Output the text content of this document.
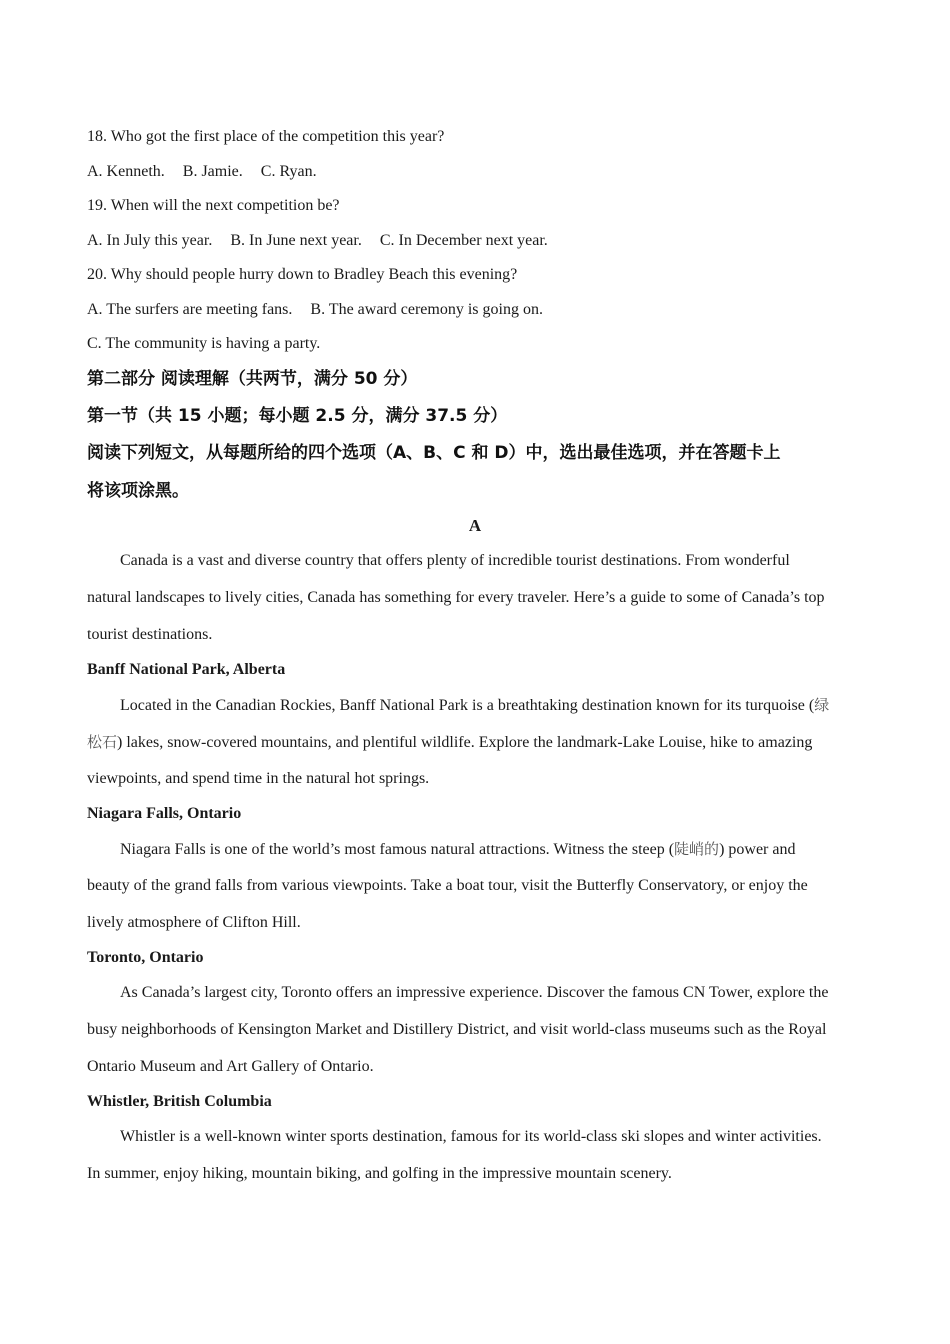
18. Who got the first place of the competition this year?
A. Kenneth. B. Jamie. C. Ryan.
19. When will the next competition be?
A. In July this year. B. In June next year. C. In December next year.
20. Why should people hurry down to Bradley Beach this evening?
A. The surfers are meeting fans. B. The award ceremony is going on.
C. The community is having a party.
第二部分 阅读理解（共两节，满分 50 分）
第一节（共 15 小题；每小题 2.5 分，满分 37.5 分）
阅读下列短文，从每题所给的四个选项（A、B、C 和 D）中，选出最佳选项，并在答题卡上
将该项涂黑。
A
Canada is a vast and diverse country that offers plenty of incredible tourist destinations. From wonderful
natural landscapes to lively cities, Canada has something for every traveler. Here’s a guide to some of Canada’s top
tourist destinations.
Banff National Park, Alberta
Located in the Canadian Rockies, Banff National Park is a breathtaking destination known for its turquoise (绿
松石) lakes, snow-covered mountains, and plentiful wildlife. Explore the landmark-Lake Louise, hike to amazing
viewpoints, and spend time in the natural hot springs.
Niagara Falls, Ontario
Niagara Falls is one of the world’s most famous natural attractions. Witness the steep (陡峭的) power and
beauty of the grand falls from various viewpoints. Take a boat tour, visit the Butterfly Conservatory, or enjoy the
lively atmosphere of Clifton Hill.
Toronto, Ontario
As Canada’s largest city, Toronto offers an impressive experience. Discover the famous CN Tower, explore the
busy neighborhoods of Kensington Market and Distillery District, and visit world-class museums such as the Royal
Ontario Museum and Art Gallery of Ontario.
Whistler, British Columbia
Whistler is a well-known winter sports destination, famous for its world-class ski slopes and winter activities.
In summer, enjoy hiking, mountain biking, and golfing in the impressive mountain scenery.
